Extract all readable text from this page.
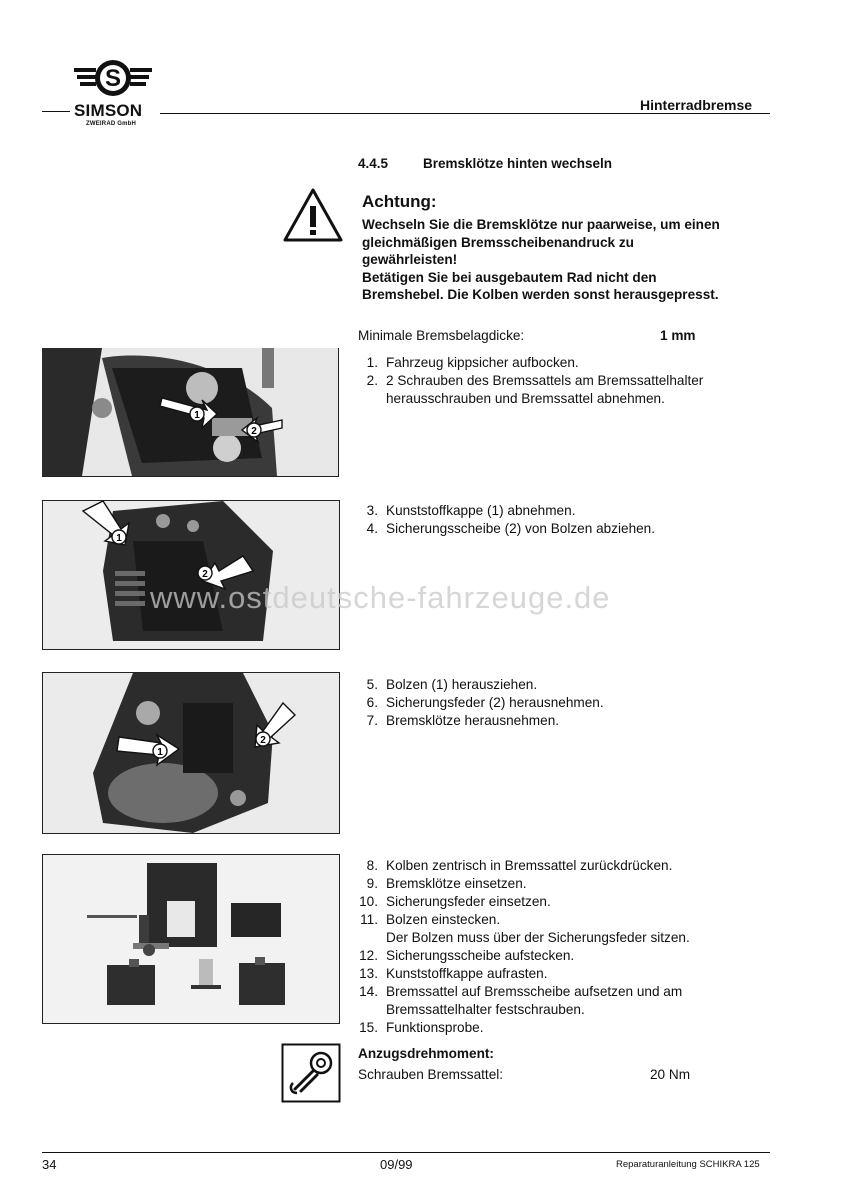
S
SIMSON
ZWEIRAD GmbH
Hinterradbremse
4.4.5	Bremsklötze hinten wechseln
Achtung:
Wechseln Sie die Bremsklötze nur paarweise, um einen
gleichmäßigen Bremsscheibenandruck zu
gewährleisten!
Betätigen Sie bei ausgebautem Rad nicht den
Bremshebel. Die Kolben werden sonst herausgepresst.
Minimale Bremsbelagdicke:	1 mm
1
2
1. Fahrzeug kippsicher aufbocken.
2. 2 Schrauben des Bremssattels am Bremssattelhalter
herausschrauben und Bremssattel abnehmen.
1
2
3. Kunststoffkappe (1) abnehmen.
4. Sicherungsscheibe (2) von Bolzen abziehen.
1
2
5. Bolzen (1) herausziehen.
6. Sicherungsfeder (2) herausnehmen.
7. Bremsklötze herausnehmen.
8. Kolben zentrisch in Bremssattel zurückdrücken.
9. Bremsklötze einsetzen.
10. Sicherungsfeder einsetzen.
11. Bolzen einstecken.
Der Bolzen muss über der Sicherungsfeder sitzen.
12. Sicherungsscheibe aufstecken.
13. Kunststoffkappe aufrasten.
14. Bremssattel auf Bremsscheibe aufsetzen und am
Bremssattelhalter festschrauben.
15. Funktionsprobe.
Anzugsdrehmoment:
Schrauben Bremssattel:	20 Nm
www.ostdeutsche-fahrzeuge.de
34	09/99	Reparaturanleitung SCHIKRA 125
